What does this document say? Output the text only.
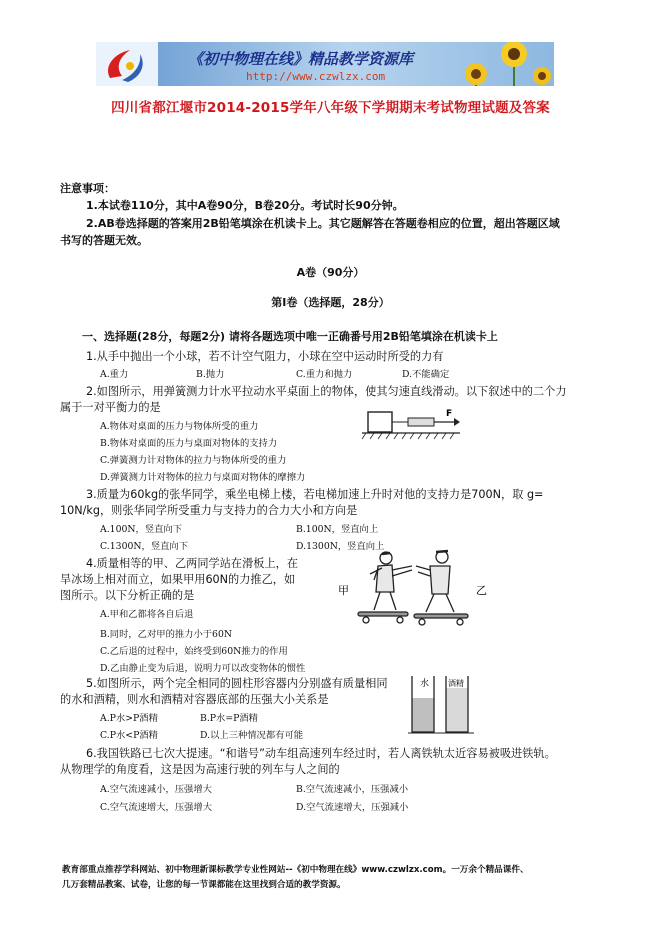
《初中物理在线》精品教学资源库
http://www.czwlzx.com
四川省都江堰市2014-2015学年八年级下学期期末考试物理试题及答案
注意事项：
1.本试卷110分，其中A卷90分，B卷20分。考试时长90分钟。
2.AB卷选择题的答案用2B铅笔填涂在机读卡上。其它题解答在答题卷相应的位置，超出答题区域
书写的答题无效。
A卷（90分）
第Ⅰ卷（选择题，28分）
一、选择题(28分，每题2分) 请将各题选项中唯一正确番号用2B铅笔填涂在机读卡上
1.从手中抛出一个小球，若不计空气阻力，小球在空中运动时所受的力有
A.重力	B.抛力	C.重力和抛力	D.不能确定
2.如图所示，用弹簧测力计水平拉动水平桌面上的物体，使其匀速直线滑动。以下叙述中的二个力
属于一对平衡力的是
A.物体对桌面的压力与物体所受的重力
B.物体对桌面的压力与桌面对物体的支持力
C.弹簧测力计对物体的拉力与物体所受的重力
D.弹簧测力计对物体的拉力与桌面对物体的摩擦力
F
3.质量为60kg的张华同学，乘坐电梯上楼，若电梯加速上升时对他的支持力是700N，取 g=
10N/kg，则张华同学所受重力与支持力的合力大小和方向是
A.100N，竖直向下	B.100N，竖直向上
C.1300N，竖直向下	D.1300N，竖直向上
4.质量相等的甲、乙两同学站在滑板上，在
旱冰场上相对而立，如果甲用60N的力推乙，如
图所示。以下分析正确的是
A.甲和乙都将各自后退
B.同时，乙对甲的推力小于60N
C.乙后退的过程中，始终受到60N推力的作用
D.乙由静止变为后退，说明力可以改变物体的惯性
甲	乙
5.如图所示，两个完全相同的圆柱形容器内分别盛有质量相同
的水和酒精，则水和酒精对容器底部的压强大小关系是
A.P水>P酒精	B.P水=P酒精
C.P水<P酒精	D.以上三种情况都有可能
水 酒精
6.我国铁路已七次大提速。“和谐号”动车组高速列车经过时，若人离铁轨太近容易被吸进铁轨。
从物理学的角度看，这是因为高速行驶的列车与人之间的
A.空气流速减小，压强增大	B.空气流速减小，压强减小
C.空气流速增大，压强增大	D.空气流速增大，压强减小
教育部重点推荐学科网站、初中物理新课标教学专业性网站--《初中物理在线》www.czwlzx.com。一万余个精品课件、
几万套精品教案、试卷，让您的每一节课都能在这里找到合适的教学资源。
